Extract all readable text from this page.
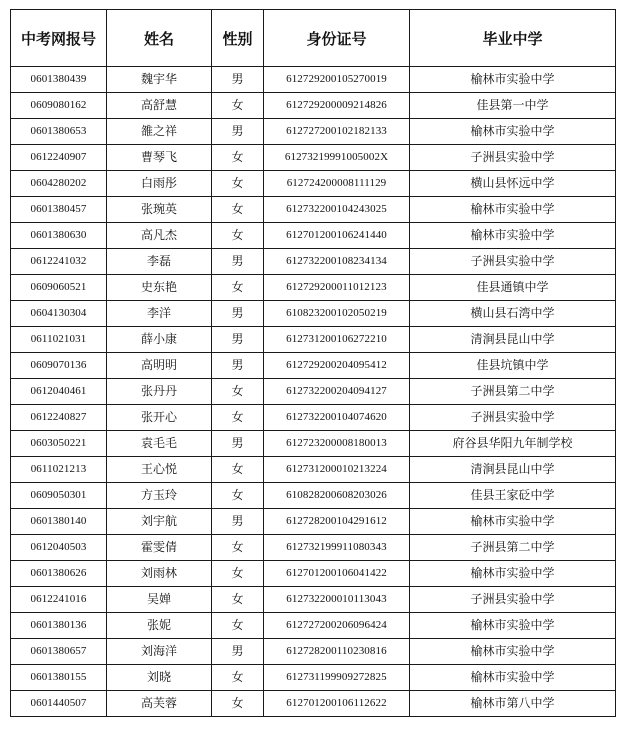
中考网报号	姓名	性别	身份证号	毕业中学
0601380439	魏宇华	男	612729200105270019	榆林市实验中学
0609080162	高舒慧	女	612729200009214826	佳县第一中学
0601380653	雒之祥	男	612727200102182133	榆林市实验中学
0612240907	曹琴飞	女	61273219991005002X	子洲县实验中学
0604280202	白雨彤	女	612724200008111129	横山县怀远中学
0601380457	张琬英	女	612732200104243025	榆林市实验中学
0601380630	高凡杰	女	612701200106241440	榆林市实验中学
0612241032	李磊	男	612732200108234134	子洲县实验中学
0609060521	史东艳	女	612729200011012123	佳县通镇中学
0604130304	李洋	男	610823200102050219	横山县石湾中学
0611021031	薛小康	男	612731200106272210	清涧县昆山中学
0609070136	高明明	男	612729200204095412	佳县坑镇中学
0612040461	张丹丹	女	612732200204094127	子洲县第二中学
0612240827	张开心	女	612732200104074620	子洲县实验中学
0603050221	袁毛毛	男	612723200008180013	府谷县华阳九年制学校
0611021213	王心悦	女	612731200010213224	清涧县昆山中学
0609050301	方玉玲	女	610828200608203026	佳县王家砭中学
0601380140	刘宇航	男	612728200104291612	榆林市实验中学
0612040503	霍雯倩	女	612732199911080343	子洲县第二中学
0601380626	刘雨林	女	612701200106041422	榆林市实验中学
0612241016	吴婵	女	612732200010113043	子洲县实验中学
0601380136	张妮	女	612727200206096424	榆林市实验中学
0601380657	刘海洋	男	612728200110230816	榆林市实验中学
0601380155	刘晓	女	612731199909272825	榆林市实验中学
0601440507	高芙蓉	女	612701200106112622	榆林市第八中学
